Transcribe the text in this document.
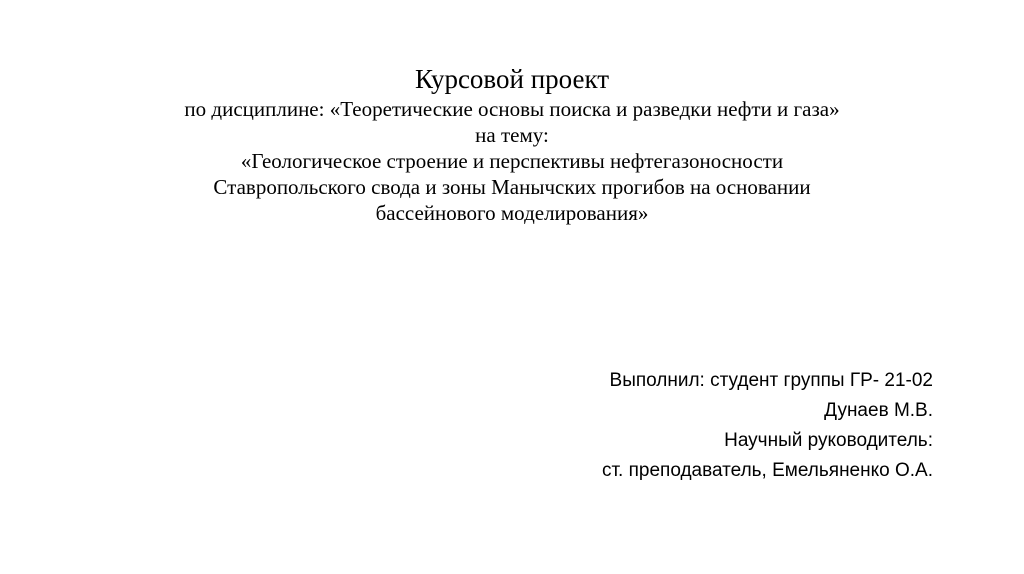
Курсовой проект

по дисциплине: «Теоретические основы поиска и разведки нефти и газа»

на тему:

«Геологическое строение и перспективы нефтегазоносности

Ставропольского свода и зоны Манычских прогибов на основании

бассейнового моделирования»

Выполнил: студент группы ГР- 21-02

Дунаев М.В.

Научный руководитель:

ст. преподаватель, Емельяненко О.А.
